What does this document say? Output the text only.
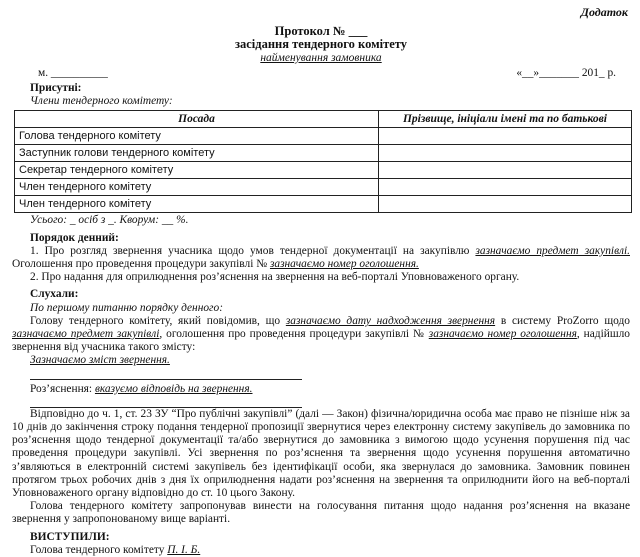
Додаток
Протокол № ___
засідання тендерного комітету
найменування замовника
м. __________	«__»_______ 201_ р.
Присутні:
Члени тендерного комітету:
Посада	Прізвище, ініціали імені та по батькові
Голова тендерного комітету	
Заступник голови тендерного комітету	
Секретар тендерного комітету	
Член тендерного комітету	
Член тендерного комітету	
Усього: _ осіб з _. Кворум: __ %.
Порядок денний:

1. Про розгляд звернення учасника щодо умов тендерної документації на закупівлю зазначаємо предмет закупівлі. Оголошення про проведення процедури закупівлі № зазначаємо номер оголошення.

2. Про надання для оприлюднення роз’яснення на звернення на веб-порталі Уповноваженого органу.

Слухали:

По першому питанню порядку денного:

Голову тендерного комітету, який повідомив, що зазначаємо дату надходження звернення в систему ProZorro щодо зазначаємо предмет закупівлі, оголошення про проведення процедури закупівлі № зазначаємо номер оголошення, надійшло звернення від учасника такого змісту:

Зазначаємо зміст звернення.

Роз’яснення: вказуємо відповідь на звернення.

Відповідно до ч. 1, ст. 23 ЗУ “Про публічні закупівлі” (далі — Закон) фізична/юридична особа має право не пізніше ніж за 10 днів до закінчення строку подання тендерної пропозиції звернутися через електронну систему закупівель до замовника по роз’яснення щодо тендерної документації та/або звернутися до замовника з вимогою щодо усунення порушення під час проведення процедури закупівлі. Усі звернення по роз’яснення та звернення щодо усунення порушення автоматично з’являються в електронній системі закупівель без ідентифікації особи, яка звернулася до замовника. Замовник повинен протягом трьох робочих днів з дня їх оприлюднення надати роз’яснення на звернення та оприлюднити його на веб-порталі Уповноваженого органу відповідно до ст. 10 цього Закону.

Голова тендерного комітету запропонував винести на голосування питання щодо надання роз’яснення на вказане звернення у запропонованому вище варіанті.

ВИСТУПИЛИ:

Голова тендерного комітету П. І. Б.
